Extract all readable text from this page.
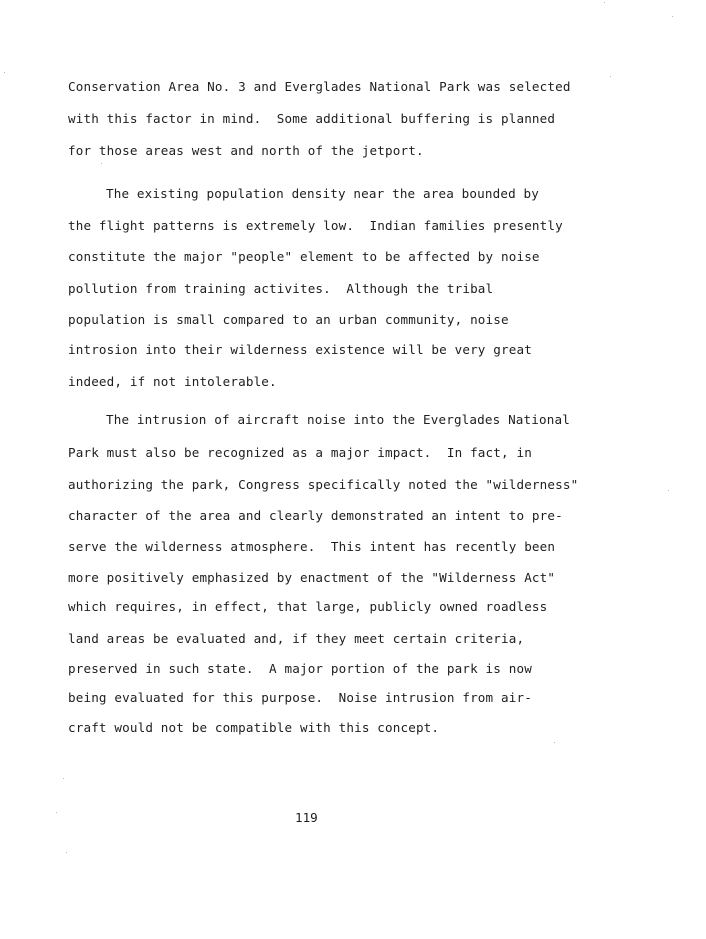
Conservation Area No. 3 and Everglades National Park was selected
with this factor in mind.  Some additional buffering is planned
for those areas west and north of the jetport.
The existing population density near the area bounded by
the flight patterns is extremely low.  Indian families presently
constitute the major "people" element to be affected by noise
pollution from training activites.  Although the tribal
population is small compared to an urban community, noise
introsion into their wilderness existence will be very great
indeed, if not intolerable.
The intrusion of aircraft noise into the Everglades National
Park must also be recognized as a major impact.  In fact, in
authorizing the park, Congress specifically noted the "wilderness"
character of the area and clearly demonstrated an intent to pre-
serve the wilderness atmosphere.  This intent has recently been
more positively emphasized by enactment of the "Wilderness Act"
which requires, in effect, that large, publicly owned roadless
land areas be evaluated and, if they meet certain criteria,
preserved in such state.  A major portion of the park is now
being evaluated for this purpose.  Noise intrusion from air-
craft would not be compatible with this concept.
119
